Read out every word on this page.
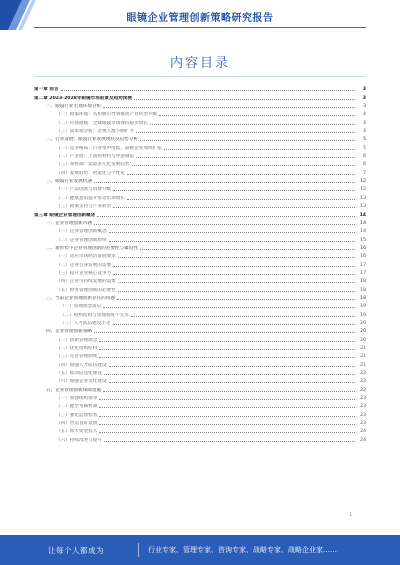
眼镜企业管理创新策略研究报告
内容目录
第一章 前言	3
第二章 2023-2028年眼镜市场前景及趋势预测	3
一、眼镜行业宏观环境分析	3
（一）政策环境：从积极引导到推动产业转型升级	4
（二）市场规模：全球眼镜市场保持稳步增长	4
（三）需求端分析：近视人群不断扩大	4
二、行业发展：眼镜行业发展现状及趋势分析	5
（一）竞争格局：行业集中度低，品牌企业加快扩张	5
（二）产业链：上游原材料与中游制造	6
（三）零售端：渠道多元化发展趋势	6
（四）发展趋势：智能化与个性化	7
三、眼镜行业发展机遇	12
（一）产品创新与消费升级	12
（二）健康意识提升带动市场增长	13
（三）政策支持与产业转型	13
第三章 眼镜企业管理创新概述	14
一、企业管理创新内涵	14
（一）企业管理创新概念	14
（二）企业管理创新原则	15
二、新形势下企业管理创新的必要性与紧迫性	16
（一）适应市场经济发展要求	16
（二）企业自身发展的需要	17
（三）提升企业核心竞争力	17
（四）企业可持续发展的需要	18
（五）财务管理创新的必要性	18
三、当前企业管理创新存在的问题	18
（一）管理理念落后	19
（二）组织结构与管理制度不完善	19
（三）人才队伍建设不足	20
四、企业管理创新策略	20
（一）创新管理理念	20
（二）优化组织结构	21
（三）完善管理制度	21
（四）加强人才队伍建设	21
（五）推动信息化建设	22
（六）加强企业文化建设	22
五、企业管理创新保障措施	22
（一）加强组织领导	23
（二）健全考核机制	23
（三）强化监督检查	23
（四）营造良好氛围	23
（五）加大资金投入	24
（六）持续改进与提升	24
1
让每个人都成为	行业专家、管理专家、咨询专家、战略专家、战略企业家……
